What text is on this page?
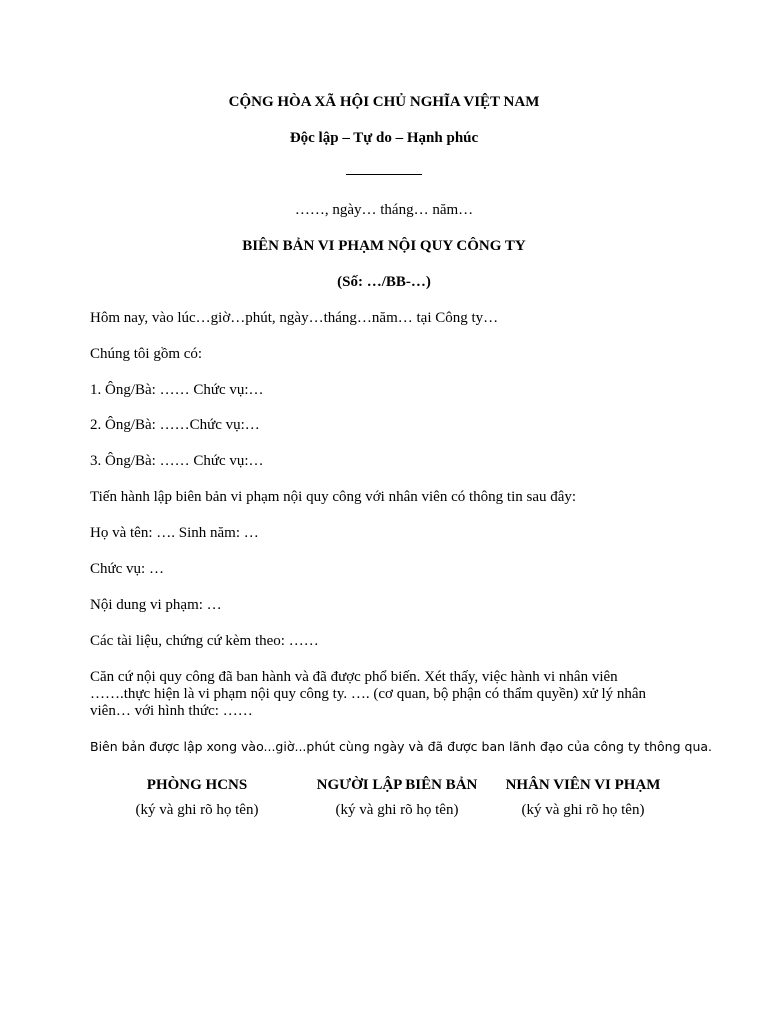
CỘNG HÒA XÃ HỘI CHỦ NGHĨA VIỆT NAM
Độc lập – Tự do – Hạnh phúc
……, ngày… tháng… năm…
BIÊN BẢN VI PHẠM NỘI QUY CÔNG TY
(Số: …/BB-…)
Hôm nay, vào lúc…giờ…phút, ngày…tháng…năm… tại Công ty…
Chúng tôi gồm có:
1. Ông/Bà: …… Chức vụ:…
2. Ông/Bà: ……Chức vụ:…
3. Ông/Bà: …… Chức vụ:…
Tiến hành lập biên bản vi phạm nội quy công với nhân viên có thông tin sau đây:
Họ và tên: …. Sinh năm: …
Chức vụ: …
Nội dung vi phạm: …
Các tài liệu, chứng cứ kèm theo: ……
Căn cứ nội quy công đã ban hành và đã được phổ biến. Xét thấy, việc hành vi nhân viên …….thực hiện là vi phạm nội quy công ty. …. (cơ quan, bộ phận có thẩm quyền) xử lý nhân viên… với hình thức: ……
Biên bản được lập xong vào...giờ...phút cùng ngày và đã được ban lãnh đạo của công ty thông qua.
PHÒNG HCNS
(ký và ghi rõ họ tên)
NGƯỜI LẬP BIÊN BẢN
(ký và ghi rõ họ tên)
NHÂN VIÊN VI PHẠM
(ký và ghi rõ họ tên)
